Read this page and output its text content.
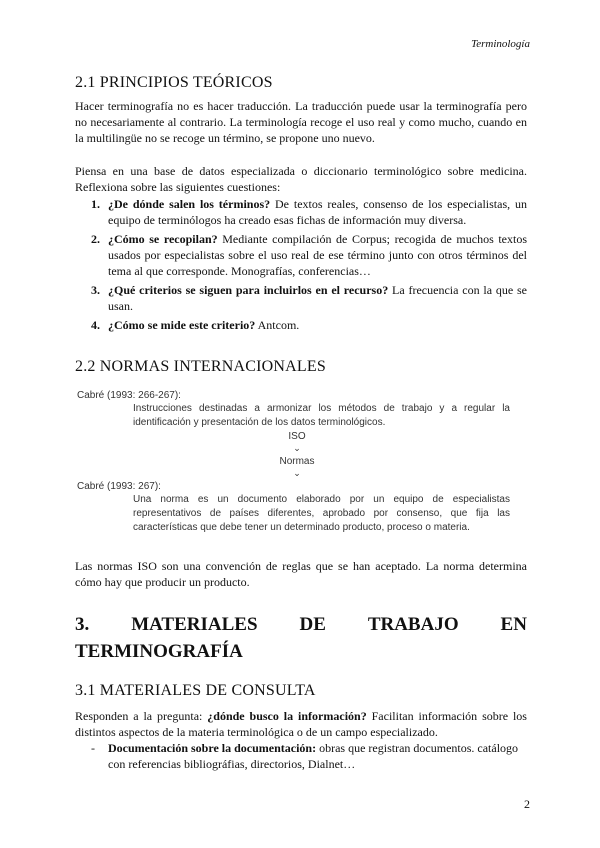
Terminología
2.1 PRINCIPIOS TEÓRICOS
Hacer terminografía no es hacer traducción. La traducción puede usar la terminografía pero no necesariamente al contrario. La terminología recoge el uso real y como mucho, cuando en la multilingüe no se recoge un término, se propone uno nuevo.
Piensa en una base de datos especializada o diccionario terminológico sobre medicina. Reflexiona sobre las siguientes cuestiones:
1. ¿De dónde salen los términos? De textos reales, consenso de los especialistas, un equipo de terminólogos ha creado esas fichas de información muy diversa.
2. ¿Cómo se recopilan? Mediante compilación de Corpus; recogida de muchos textos usados por especialistas sobre el uso real de ese término junto con otros términos del tema al que corresponde. Monografías, conferencias…
3. ¿Qué criterios se siguen para incluirlos en el recurso? La frecuencia con la que se usan.
4. ¿Cómo se mide este criterio? Antcom.
2.2 NORMAS INTERNACIONALES
Cabré (1993: 266-267):
Instrucciones destinadas a armonizar los métodos de trabajo y a regular la identificación y presentación de los datos terminológicos.
ISO
⌄
Normas
⌄
Cabré (1993: 267):
Una norma es un documento elaborado por un equipo de especialistas representativos de países diferentes, aprobado por consenso, que fija las características que debe tener un determinado producto, proceso o materia.
Las normas ISO son una convención de reglas que se han aceptado. La norma determina cómo hay que producir un producto.
3. MATERIALES DE TRABAJO EN
TERMINOGRAFÍA
3.1 MATERIALES DE CONSULTA
Responden a la pregunta: ¿dónde busco la información? Facilitan información sobre los distintos aspectos de la materia terminológica o de un campo especializado.
- Documentación sobre la documentación: obras que registran documentos. catálogo con referencias bibliográfias, directorios, Dialnet…
2
